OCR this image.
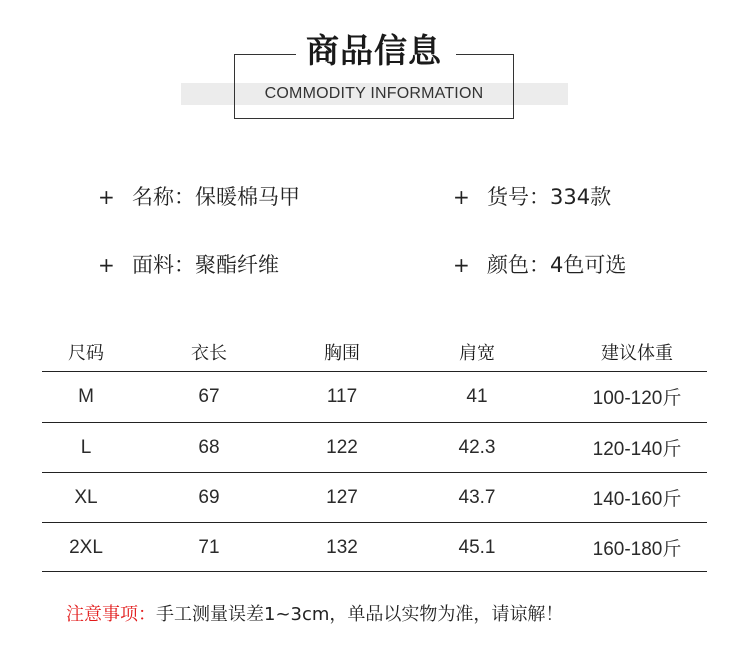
商品信息
COMMODITY INFORMATION
+ 名称：保暖棉马甲	+ 货号：334款
+ 面料：聚酯纤维	+ 颜色：4色可选
尺码	衣长	胸围	肩宽	建议体重
M	67	117	41	100-120斤
L	68	122	42.3	120-140斤
XL	69	127	43.7	140-160斤
2XL	71	132	45.1	160-180斤
注意事项：手工测量误差1~3cm，单品以实物为准，请谅解！
